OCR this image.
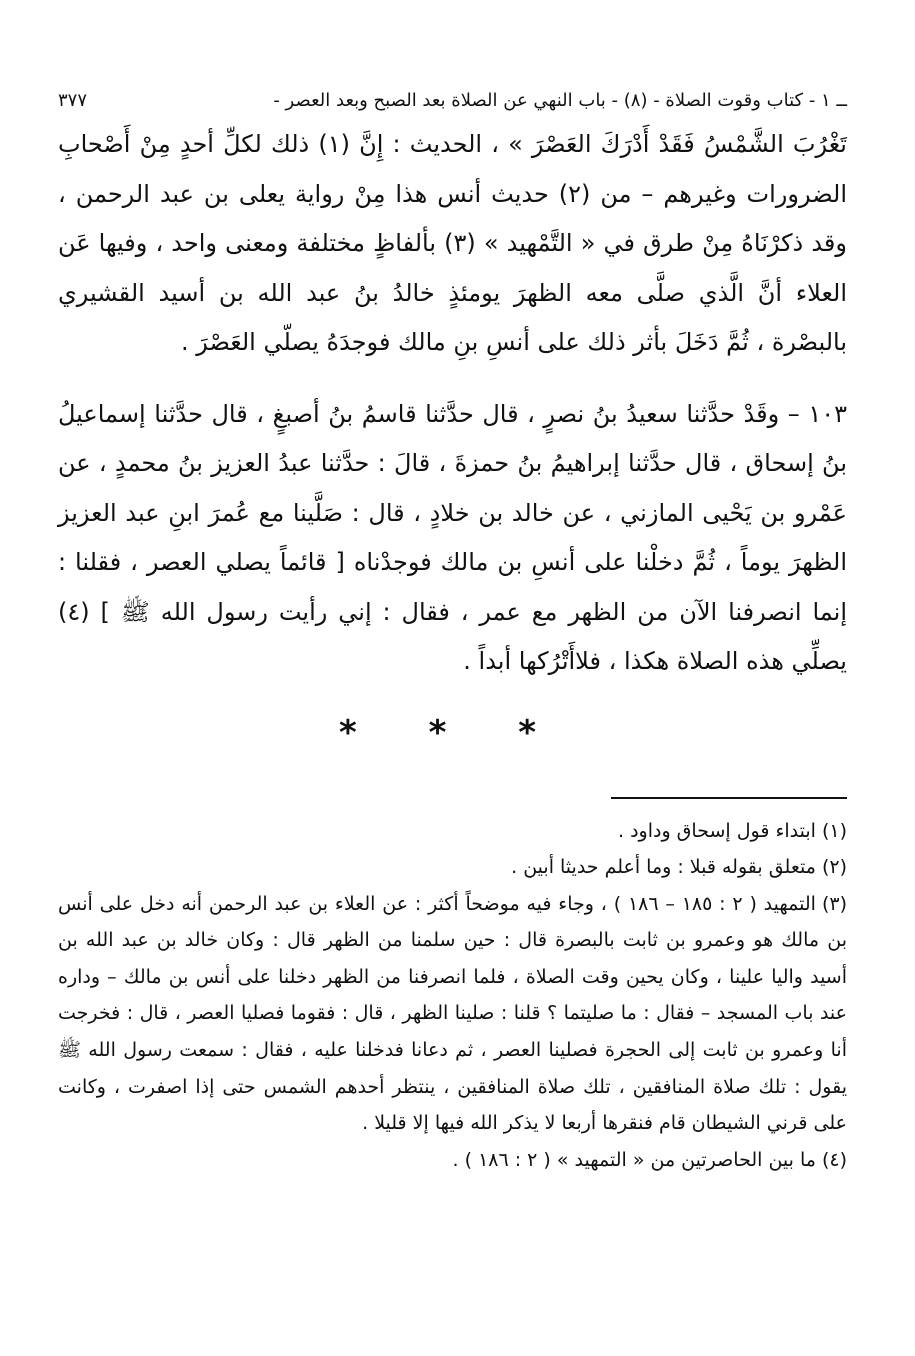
ــ ١ - كتاب وقوت الصلاة - (٨) - باب النهي عن الصلاة بعد الصبح وبعد العصر -
٣٧٧

تَغْرُبَ الشَّمْسُ فَقَدْ أَدْرَكَ العَصْرَ » ، الحديث : إِنَّ (١) ذلك لكلِّ أحدٍ مِنْ أَصْحابِ الضرورات وغيرهم – من (٢) حديث أنس هذا مِنْ رواية يعلى بن عبد الرحمن ، وقد ذكرْنَاهُ مِنْ طرق في « التَّمْهيد » (٣) بألفاظٍ مختلفة ومعنى واحد ، وفيها عَن العلاء أنَّ الَّذي صلَّى معه الظهرَ يومئذٍ خالدُ بنُ عبد الله بن أسيد القشيري بالبصْرة ، ثُمَّ دَخَلَ بأثر ذلك على أنسِ بنِ مالك فوجدَهُ يصلّي العَصْرَ .

١٠٣ – وقَدْ حدَّثنا سعيدُ بنُ نصرٍ ، قال حدَّثنا قاسمُ بنُ أصبغٍ ، قال حدَّثنا إسماعيلُ بنُ إسحاق ، قال حدَّثنا إبراهيمُ بنُ حمزةَ ، قالَ : حدَّثنا عبدُ العزيز بنُ محمدٍ ، عن عَمْرو بن يَحْيى المازني ، عن خالد بن خلادٍ ، قال : صَلَّينا مع عُمرَ ابنِ عبد العزيز الظهرَ يوماً ، ثُمَّ دخلْنا على أنسِ بن مالك فوجدْناه [ قائماً يصلي العصر ، فقلنا : إنما انصرفنا الآن من الظهر مع عمر ، فقال : إني رأيت رسول الله ﷺ ] (٤) يصلِّي هذه الصلاة هكذا ، فلاأَتْرُكها أبداً .

* * *

(١)ابتداء قول إسحاق وداود .

(٢)متعلق بقوله قبلا : وما أعلم حديثا أبين .

(٣)التمهيد ( ٢ : ١٨٥ – ١٨٦ ) ، وجاء فيه موضحاً أكثر : عن العلاء بن عبد الرحمن أنه دخل على أنس بن مالك هو وعمرو بن ثابت بالبصرة قال : حين سلمنا من الظهر قال : وكان خالد بن عبد الله بن أسيد واليا علينا ، وكان يحين وقت الصلاة ، فلما انصرفنا من الظهر دخلنا على أنس بن مالك – وداره عند باب المسجد – فقال : ما صليتما ؟ قلنا : صلينا الظهر ، قال : فقوما فصليا العصر ، قال : فخرجت أنا وعمرو بن ثابت إلى الحجرة فصلينا العصر ، ثم دعانا فدخلنا عليه ، فقال : سمعت رسول الله ﷺ يقول : تلك صلاة المنافقين ، تلك صلاة المنافقين ، ينتظر أحدهم الشمس حتى إذا اصفرت ، وكانت على قرني الشيطان قام فنقرها أربعا لا يذكر الله فيها إلا قليلا .

(٤)ما بين الحاصرتين من « التمهيد » ( ٢ : ١٨٦ ) .
